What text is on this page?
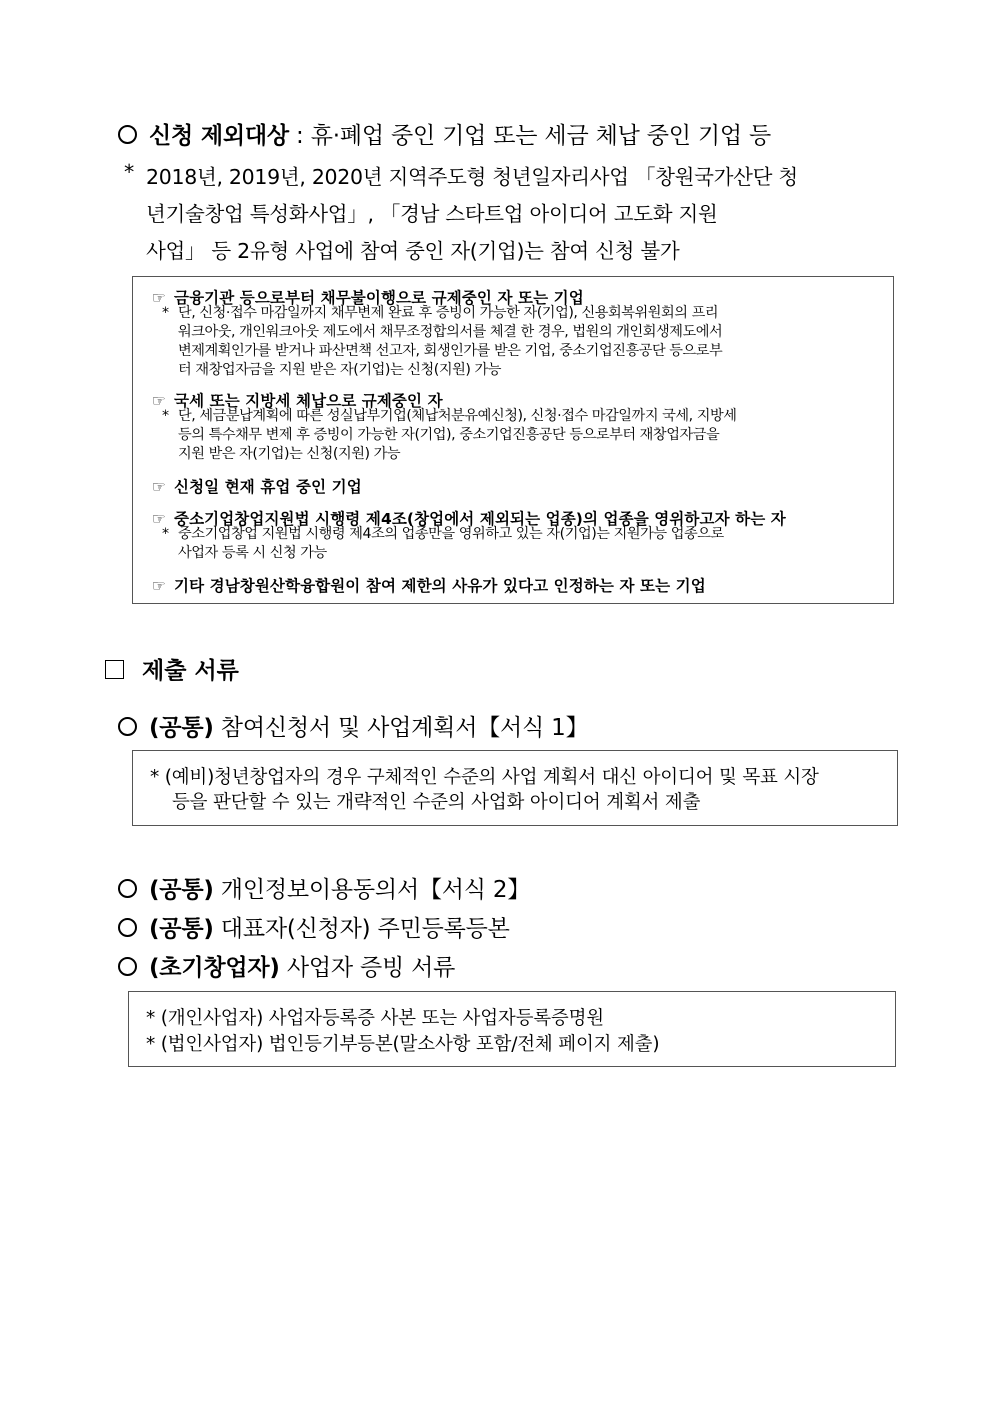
신청 제외대상 : 휴·폐업 중인 기업 또는 세금 체납 중인 기업 등
* 2018년, 2019년, 2020년 지역주도형 청년일자리사업 「창원국가산단 청
년기술창업 특성화사업」, 「경남 스타트업 아이디어 고도화 지원
사업」 등 2유형 사업에 참여 중인 자(기업)는 참여 신청 불가
☞ 금융기관 등으로부터 채무불이행으로 규제중인 자 또는 기업
* 단, 신청·접수 마감일까지 채무변제 완료 후 증빙이 가능한 자(기업), 신용회복위원회의 프리
워크아웃, 개인워크아웃 제도에서 채무조정합의서를 체결 한 경우, 법원의 개인회생제도에서
변제계획인가를 받거나 파산면책 선고자, 회생인가를 받은 기업, 중소기업진흥공단 등으로부
터 재창업자금을 지원 받은 자(기업)는 신청(지원) 가능
☞ 국세 또는 지방세 체납으로 규제중인 자
* 단, 세금분납계획에 따른 성실납부기업(체납처분유예신청), 신청·접수 마감일까지 국세, 지방세
등의 특수채무 변제 후 증빙이 가능한 자(기업), 중소기업진흥공단 등으로부터 재창업자금을
지원 받은 자(기업)는 신청(지원) 가능
☞ 신청일 현재 휴업 중인 기업
☞ 중소기업창업지원법 시행령 제4조(창업에서 제외되는 업종)의 업종을 영위하고자 하는 자
* 중소기업창업 지원법 시행령 제4조의 업종만을 영위하고 있는 자(기업)는 지원가능 업종으로
사업자 등록 시 신청 가능
☞ 기타 경남창원산학융합원이 참여 제한의 사유가 있다고 인정하는 자 또는 기업
제출 서류
(공통) 참여신청서 및 사업계획서【서식 1】
* (예비)청년창업자의 경우 구체적인 수준의 사업 계획서 대신 아이디어 및 목표 시장
등을 판단할 수 있는 개략적인 수준의 사업화 아이디어 계획서 제출
(공통) 개인정보이용동의서【서식 2】
(공통) 대표자(신청자) 주민등록등본
(초기창업자) 사업자 증빙 서류
* (개인사업자) 사업자등록증 사본 또는 사업자등록증명원
* (법인사업자) 법인등기부등본(말소사항 포함/전체 페이지 제출)
